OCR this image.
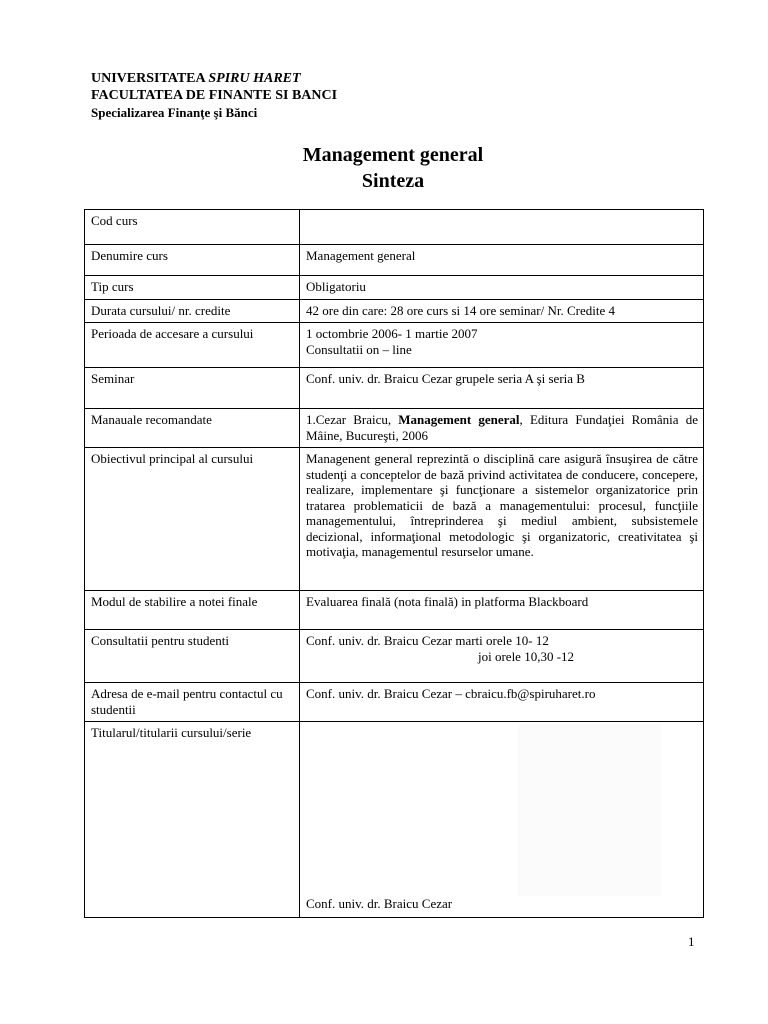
UNIVERSITATEA SPIRU HARET
FACULTATEA DE FINANTE SI BANCI
Specializarea Finanţe şi Bănci
Management general
Sinteza
Cod curs	
Denumire curs	Management general
Tip curs	Obligatoriu
Durata cursului/ nr. credite	42 ore din care: 28 ore curs si 14 ore seminar/ Nr. Credite 4
Perioada de accesare a cursului	1 octombrie 2006- 1 martie 2007
Consultatii on – line

Seminar	Conf. univ. dr. Braicu Cezar grupele seria A şi seria B
Manauale recomandate	1.Cezar Braicu, Management general, Editura Fundaţiei România de Mâine, Bucureşti, 2006
Obiectivul principal al cursului	Managenent general reprezintă o disciplină care asigură însuşirea de către studenţi a conceptelor de bază privind activitatea de conducere, concepere, realizare, implementare şi funcţionare a sistemelor organizatorice prin tratarea problematicii de bază a managementului: procesul, funcţiile managementului, întreprinderea şi mediul ambient, subsistemele decizional, informaţional metodologic şi organizatoric, creativitatea şi motivaţia, managementul resurselor umane.
Modul de stabilire a notei finale	Evaluarea finală (nota finală) in platforma Blackboard
Consultatii pentru studenti	Conf. univ. dr. Braicu Cezar marti orele 10- 12
joi orele 10,30 -12

Adresa de e-mail pentru contactul cu studentii	Conf. univ. dr. Braicu Cezar – cbraicu.fb@spiruharet.ro
Titularul/titularii cursului/serie	Conf. univ. dr. Braicu Cezar
1
